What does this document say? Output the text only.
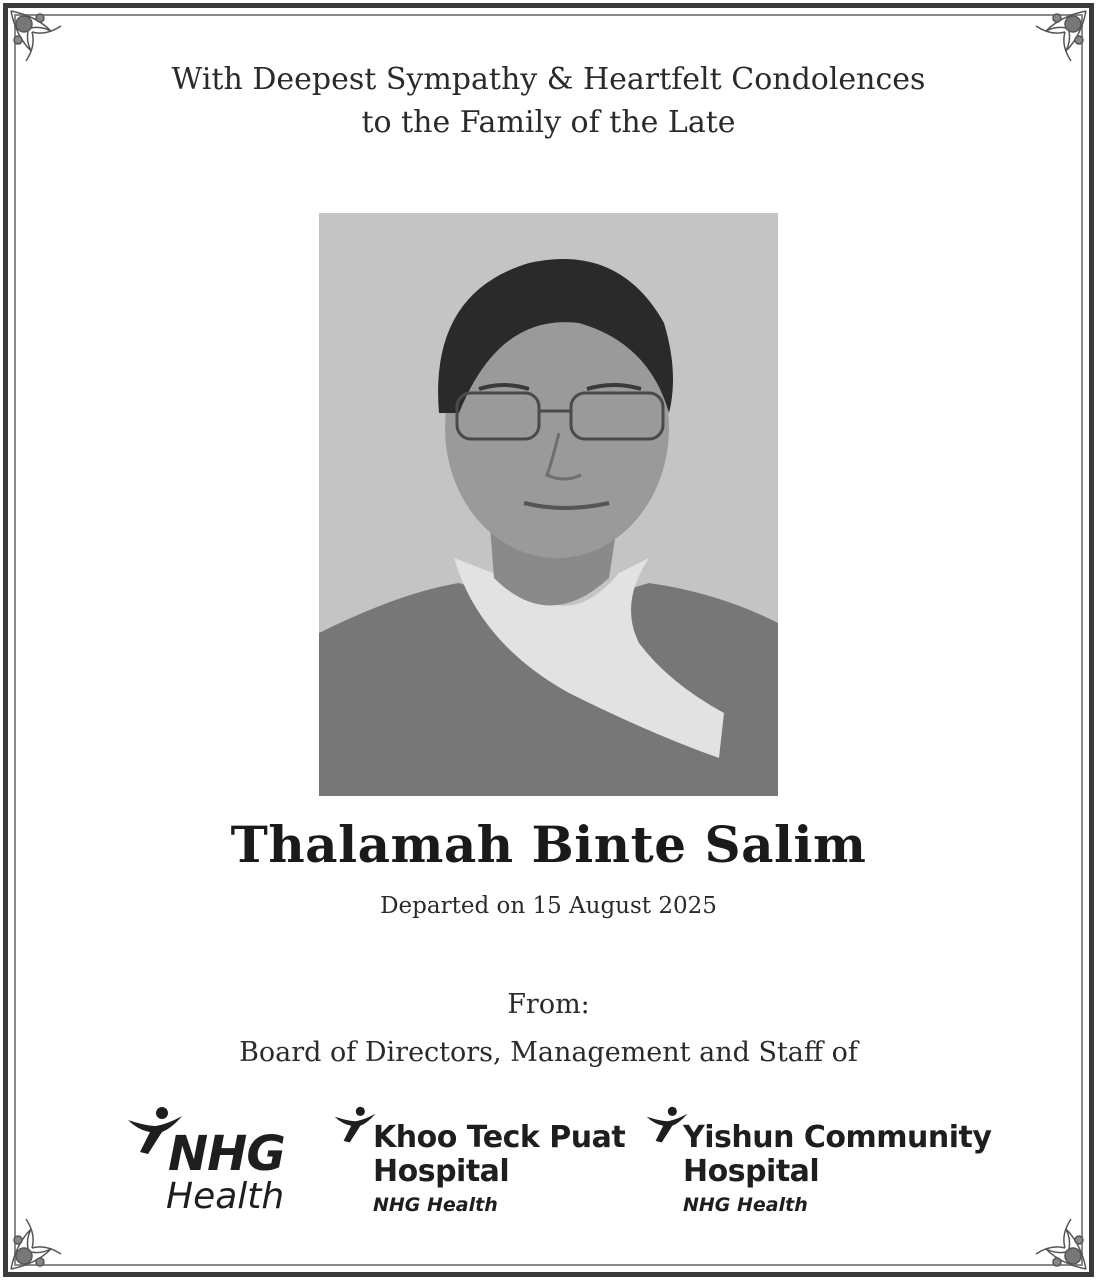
With Deepest Sympathy & Heartfelt Condolences
to the Family of the Late
Thalamah Binte Salim
Departed on 15 August 2025
From:
Board of Directors, Management and Staff of
NHG
Health
Khoo Teck Puat
Hospital
NHG Health
Yishun Community
Hospital
NHG Health
